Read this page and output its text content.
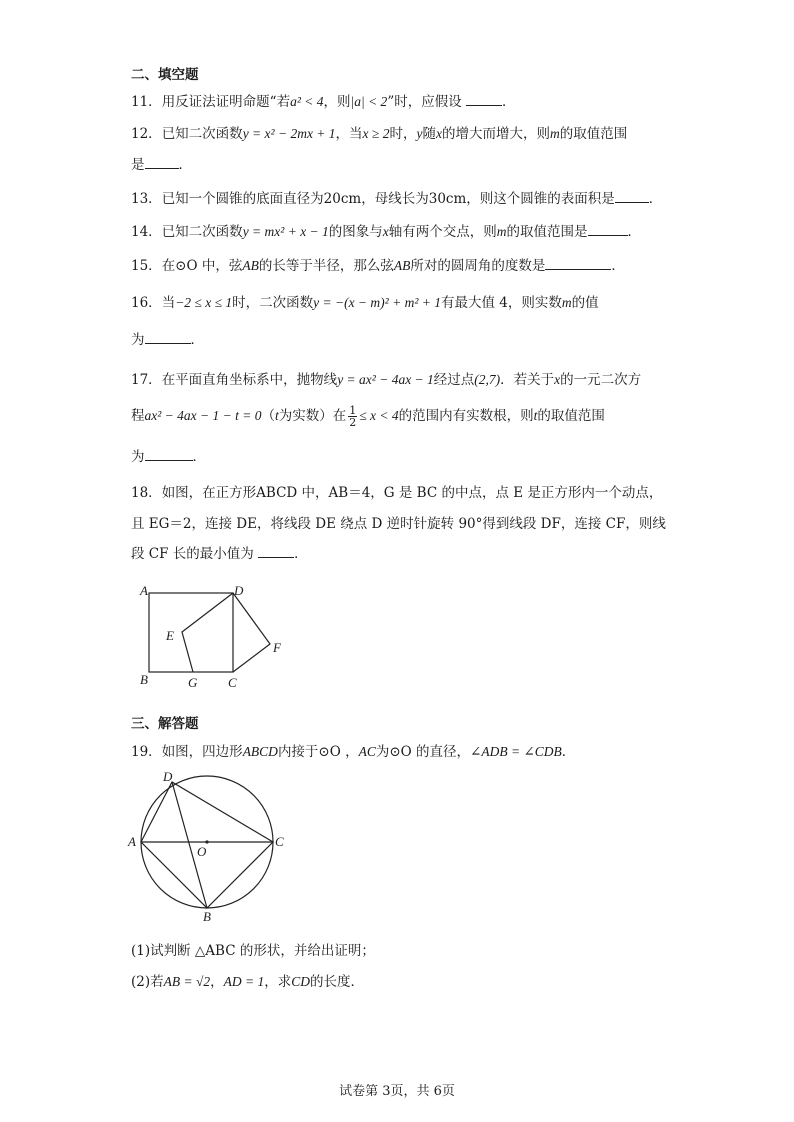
二、填空题
11．用反证法证明命题“若a² < 4，则|a| < 2”时，应假设	．
12．已知二次函数y = x² − 2mx + 1，当x ≥ 2时，y随x的增大而增大，则m的取值范围
是	．
13．已知一个圆锥的底面直径为20cm，母线长为30cm，则这个圆锥的表面积是	．
14．已知二次函数y = mx² + x − 1的图象与x轴有两个交点，则m的取值范围是	．
15．在⊙O 中，弦AB的长等于半径，那么弦AB所对的圆周角的度数是	．
16．当−2 ≤ x ≤ 1时，二次函数y = −(x − m)² + m² + 1有最大值 4，则实数m的值
为	．
17．在平面直角坐标系中，抛物线y = ax² − 4ax − 1经过点(2,7)．若关于x的一元二次方
程ax² − 4ax − 1 − t = 0（t为实数）在 $\frac{1}{2} \le x < 4$的范围内有实数根，则t的取值范围
为	．
18．如图，在正方形ABCD 中，AB＝4，G 是 BC 的中点，点 E 是正方形内一个动点，
且 EG＝2，连接 DE，将线段 DE 绕点 D 逆时针旋转 90°得到线段 DF，连接 CF，则线
段 CF 长的最小值为	．
A	D
E
F
B	G C
三、解答题
19．如图，四边形ABCD内接于⊙O ，AC为⊙O 的直径，∠ADB = ∠CDB．
D
A
O
C
B
(1)试判断 △ABC 的形状，并给出证明；
(2)若AB = √2，AD = 1，求CD的长度．
试卷第 3页，共 6页
